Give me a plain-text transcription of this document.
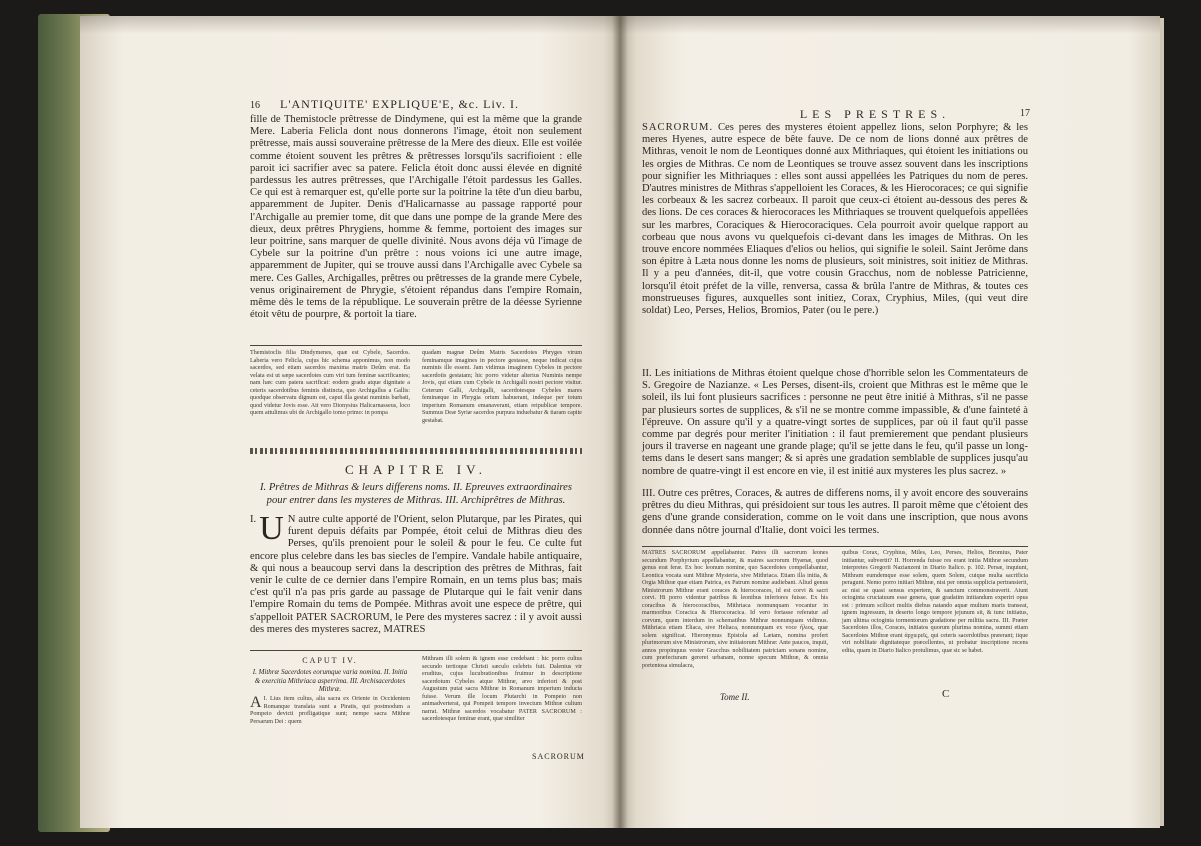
16 L'ANTIQUITE' EXPLIQUE'E, &c. Liv. I.
fille de Themistocle prêtresse de Dindymene, qui est la même que la grande Mere. Laberia Felicla dont nous donnerons l'image, étoit non seulement prêtresse, mais aussi souveraine prêtresse de la Mere des dieux. Elle est voilée comme étoient souvent les prêtres & prêtresses lorsqu'ils sacrifioient : elle paroit ici sacrifier avec sa patere. Felicla étoit donc aussi élevée en dignité pardessus les autres prêtresses, que l'Archigalle l'étoit pardessus les Galles. Ce qui est à remarquer est, qu'elle porte sur la poitrine la tête d'un dieu barbu, apparemment de Jupiter. Denis d'Halicarnasse au passage rapporté pour l'Archigalle au premier tome, dit que dans une pompe de la grande Mere des dieux, deux prêtres Phrygiens, homme & femme, portoient des images sur leur poitrine, sans marquer de quelle divinité. Nous avons déja vû l'image de Cybele sur la poitrine d'un prêtre : nous voions ici une autre image, apparemment de Jupiter, qui se trouve aussi dans l'Archigalle avec Cybele sa mere. Ces Galles, Archigalles, prêtres ou prêtresses de la grande mere Cybele, venus originairement de Phrygie, s'étoient répandus dans l'empire Romain, même dès le tems de la république. Le souverain prêtre de la déesse Syrienne étoit vêtu de pourpre, & portoit la tiare.
Themistoclis filia Dindymenes, quæ est Cybele, Sacerdos. Laberia vero Felicla, cujus hic schema apponimus, non modo sacerdos, sed etiam sacerdos maxima matris Deûm erat. Ea velata est ut sæpe sacerdotes cum viri tum feminæ sacrificantes; nam hæc cum patera sacrificat: eodem gradu atque dignitate a ceteris sacerdotibus feminis distincta, quo Archigallus a Gallis: quodque observatu dignum est, caput illa gestat numinis barbati, quod videtur Jovis esse. Ait vero Dionysius Halicarnasseus, loco quem attulimus ubi de Archigallo tomo primo: in pompa
quadam magnæ Deûm Matris Sacerdotes Phryges virum feminamque imagines in pectore gestasse, neque indicat cujus numinis ille essent. Jam vidimus imaginem Cybeles in pectore sacerdotis gestatam; hic porro videtur alterius Numinis nempe Jovis, qui etiam cum Cybele in Archigalli nostri pectore visitur. Ceterum Galli, Archigalli, sacerdotesque Cybeles mares feminæque in Phrygia ortum habuerant, indeque per totum imperium Romanum emanaverant, etiam reipublicæ tempore. Summus Deæ Syriæ sacerdos purpura induebatur & tiaram capite gestabat.
CHAPITRE IV.
I. Prêtres de Mithras & leurs differens noms. II. Epreuves extraordinaires pour entrer dans les mysteres de Mithras. III. Archiprêtres de Mithras.
I. U N autre culte apporté de l'Orient, selon Plutarque, par les Pirates, qui furent depuis défaits par Pompée, étoit celui de Mithras dieu des Perses, qu'ils prenoient pour le soleil & pour le feu. Ce culte fut encore plus celebre dans les bas siecles de l'empire. Vandale habile antiquaire, & qui nous a beaucoup servi dans la description des prêtres de Mithras, fait venir le culte de ce dernier dans l'empire Romain, en un tems plus bas; mais c'est qu'il n'a pas pris garde au passage de Plutarque qui le fait venir dans l'empire Romain du tems de Pompée. Mithras avoit une espece de prêtre, qui s'appelloit PATER SACRORUM, le Pere des mysteres sacrez : il y avoit aussi des meres des mysteres sacrez, MATRES
CAPUT IV.
I. Mithræ Sacerdotes eorumque varia nomina. II. Initia & exercitia Mithriaca asperrima. III. Archisacerdotes Mithræ.
A I. Lius item cultus, alia sacra ex Oriente in Occidentem Romanque translata sunt a Piratis, qui postmodum a Pompeio devicti profligatique sunt; nempe sacra Mithræ Persarum Dei : quem
Mithram illi solem & ignem esse credebant : hic porro cultus secundo tertioque Christi sæculo celebris fuit. Dalenius vir eruditus, cujus lucubrationibus fruimur in descriptione sacerdotum Cybeles atque Mithræ, ævo inferiori & post Augustum putat sacra Mithræ in Romanum imperium inducta fuisse. Verum ille locum Plutarchi in Pompeio non animadverterat, qui Pompeii tempore invectum Mithræ cultum narrat. Mithræ sacerdos vocabatur PATER SACRORUM : sacerdotesque feminæ erant, quæ similiter
SACRORUM
LES PRESTRES.	17
SACRORUM. Ces peres des mysteres étoient appellez lions, selon Porphyre; & les meres Hyenes, autre espece de bête fauve. De ce nom de lions donné aux prêtres de Mithras, venoit le nom de Leontiques donné aux Mithriaques, qui étoient les initiations ou les orgies de Mithras. Ce nom de Leontiques se trouve assez souvent dans les inscriptions pour signifier les Mithriaques : elles sont aussi appellées les Patriques du nom de peres. D'autres ministres de Mithras s'appelloient les Coraces, & les Hierocoraces; ce qui signifie les corbeaux & les sacrez corbeaux. Il paroit que ceux-ci étoient au-dessous des peres & des lions. De ces coraces & hierocoraces les Mithriaques se trouvent quelquefois appellées sur les marbres, Coraciques & Hierocoraciques. Cela pourroit avoir quelque rapport au corbeau que nous avons vu quelquefois ci-devant dans les images de Mithras. On les trouve encore nommées Eliaques d'elios ou helios, qui signifie le soleil. Saint Jerôme dans son épitre à Læta nous donne les noms de plusieurs, soit ministres, soit initiez de Mithras. Il y a peu d'années, dit-il, que votre cousin Gracchus, nom de noblesse Patricienne, lorsqu'il étoit préfet de la ville, renversa, cassa & brûla l'antre de Mithras, & toutes ces monstrueuses figures, auxquelles sont initiez, Corax, Cryphius, Miles, (qui veut dire soldat) Leo, Perses, Helios, Bromios, Pater (ou le pere.)
II. Les initiations de Mithras étoient quelque chose d'horrible selon les Commentateurs de S. Gregoire de Nazianze. « Les Perses, disent-ils, croient que Mithras est le même que le soleil, ils lui font plusieurs sacrifices : personne ne peut être initié à Mithras, s'il ne passe par plusieurs sortes de supplices, & s'il ne se montre comme impassible, & d'une fainteté à l'épreuve. On assure qu'il y a quatre-vingt sortes de supplices, par où il faut qu'il passe comme par degrés pour meriter l'initiation : il faut premierement que pendant plusieurs jours il traverse en nageant une grande plage; qu'il se jette dans le feu, qu'il passe un long-tems dans le desert sans manger; & si après une gradation semblable de supplices jusqu'au nombre de quatre-vingt il est encore en vie, il est initié aux mysteres les plus sacrez. »
III. Outre ces prêtres, Coraces, & autres de differens noms, il y avoit encore des souverains prêtres du dieu Mithras, qui présidoient sur tous les autres. Il paroit même que c'étoient des gens d'une grande consideration, comme on le voit dans une inscription, que nous avons donnée dans nôtre journal d'Italie, dont voici les termes.
MATRES SACRORUM appellabantur. Patres illi sacrorum leones secundum Porphyrium appellabantur, & matres sacrorum Hyænæ, quod genus erat feræ. Ex hoc leonum nomine, quo Sacerdotes compellabantur, Leontica vocata sunt Mithræ Mysteria, sive Mithriaca. Etiam illa initia, & Orgia Mithræ quæ etiam Patrica, ex Patrum nomine audiebant. Aliud genus Ministrorum Mithræ erant coraces & hierocoraces, id est corvi & sacri corvi. Hi porro videntur patribus & leonibus inferiores fuisse. Ex his coracibus & hierocoracibus, Mithriaca nonnunquam vocantur in marmoribus Coracica & Hierocoracica. Id vero fortasse referatur ad corvum, quem interdum in schematibus Mithræ nonnunquam vidimus. Mithriaca etiam Eliaca, sive Heliaca, nonnunquam ex voce ἥλιος, quæ solem significat. Hieronymus Epistola ad Lætam, nomina profert plurimorum sive Ministrorum, sive initiatorum Mithræ: Ante paucos, inquit, annos propinquus vester Gracchus nobilitatem patriciam sonans nomine, cum præfecturam gereret urbanam, nonne specum Mithræ, & omnia portentosa simulacra,
quibus Corax, Cryphius, Miles, Leo, Perses, Helios, Bromius, Pater initiantur, subvertit? II. Horrenda fuisse res erant initia Mithræ secundum interpretes Gregorii Nazianzeni in Diario Italico. p. 102. Persæ, inquiunt, Mithram eumdemque esse solem, quem Solem, cuique multa sacrificia peragunt. Nemo porro initiari Mithræ, nisi per omnia supplicia pertransierit, ac nisi se quasi sensus expertem, & sanctum commonstraverit. Aiunt octoginta cruciatuum esse genera, quæ gradatim initiandum experiri opus est : primum scilicet multis diebus natando aquæ multum maris transeat, ignem ingressum, in deserto longo tempore jejunum sit, & tunc initiatus, jam ultima octoginta tormentorum gradatione per militia sacra. III. Præter Sacerdotes illos, Coraces, initiatos quorum plurima nomina, summi etiam Sacerdotes Mithræ erant ἀρχιερεῖς, qui ceteris sacerdotibus præerant; iique viri nobilitate dignitateque præcellentes, ut probatur inscriptione recens edita, quam in Diario Italico protulimus, quæ sic se habet.
Tome II.	C
